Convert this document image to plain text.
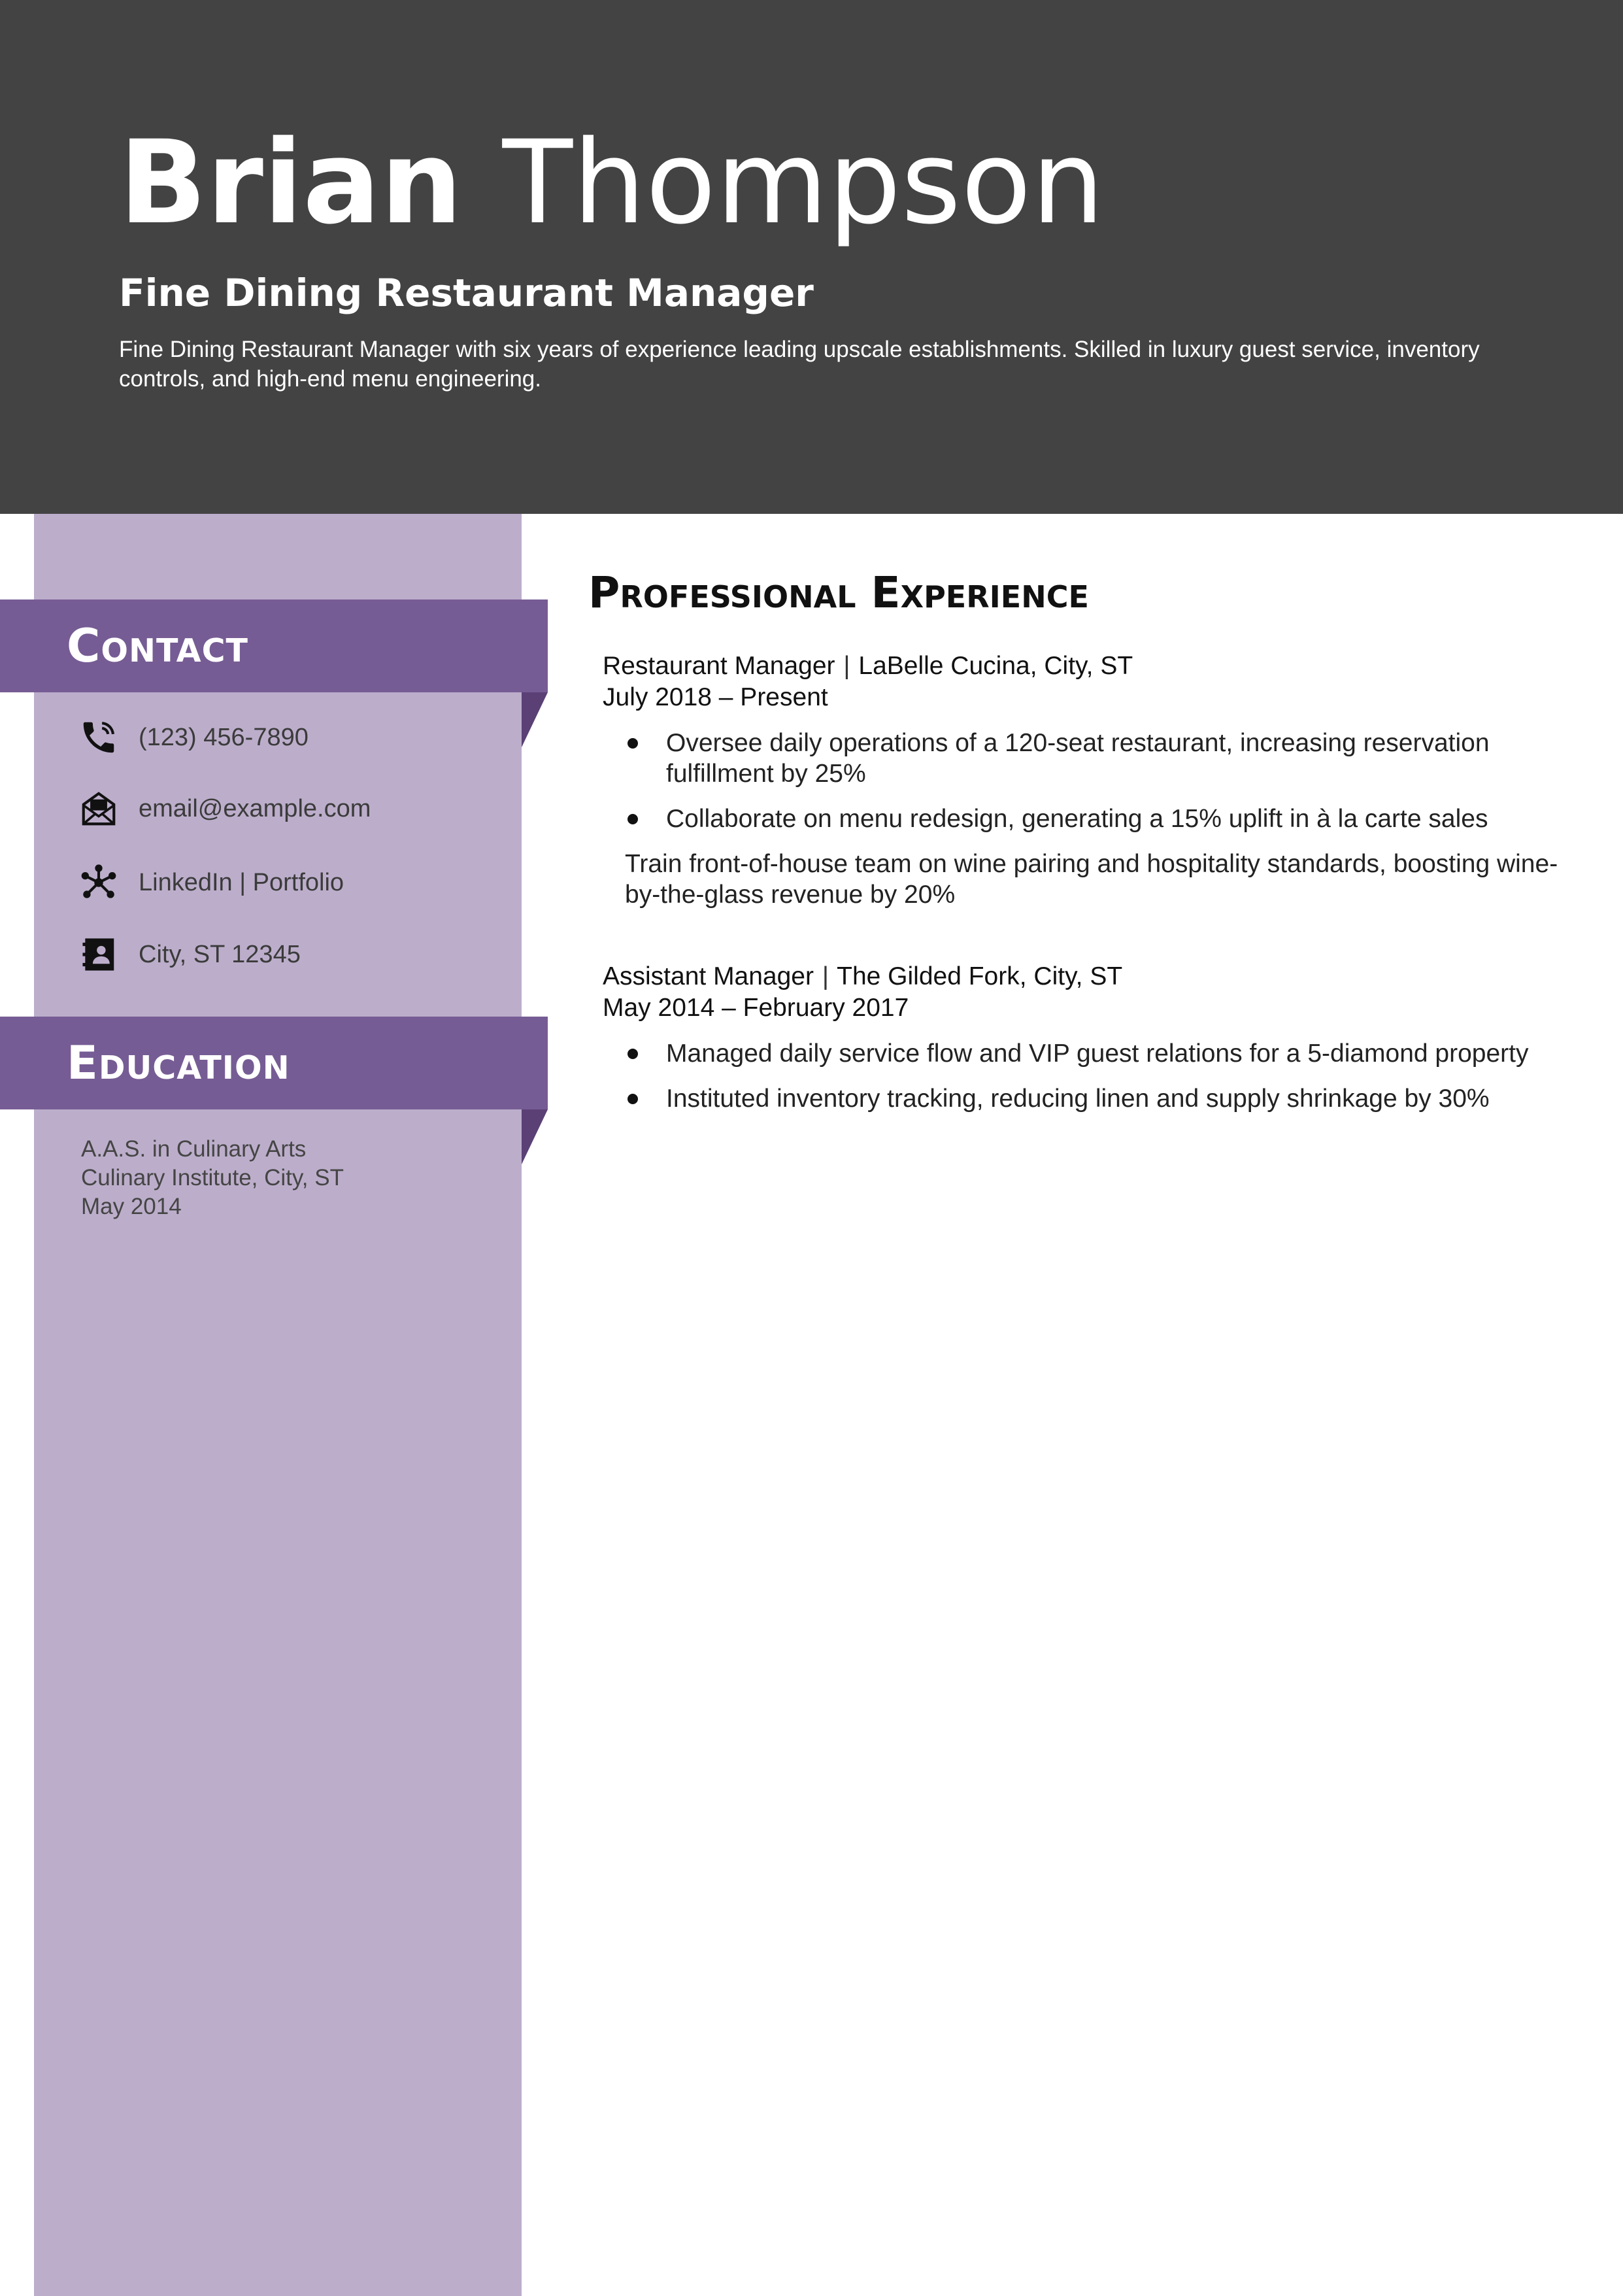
Brian Thompson
Fine Dining Restaurant Manager

Fine Dining Restaurant Manager with six years of experience leading upscale establishments. Skilled in luxury guest service, inventory controls, and high-end menu engineering.

Contact
(123) 456-7890
email@example.com
LinkedIn | Portfolio
City, ST 12345
Education

A.A.S. in Culinary Arts
Culinary Institute, City, ST
May 2014

Professional Experience

Restaurant Manager | LaBelle Cucina, City, ST

July 2018 – Present

Oversee daily operations of a 120-seat restaurant, increasing reservation fulfillment by 25%
Collaborate on menu redesign, generating a 15% uplift in à la carte sales

Train front-of-house team on wine pairing and hospitality standards, boosting wine-by-the-glass revenue by 20%

Assistant Manager | The Gilded Fork, City, ST

May 2014 – February 2017

Managed daily service flow and VIP guest relations for a 5-diamond property
Instituted inventory tracking, reducing linen and supply shrinkage by 30%
